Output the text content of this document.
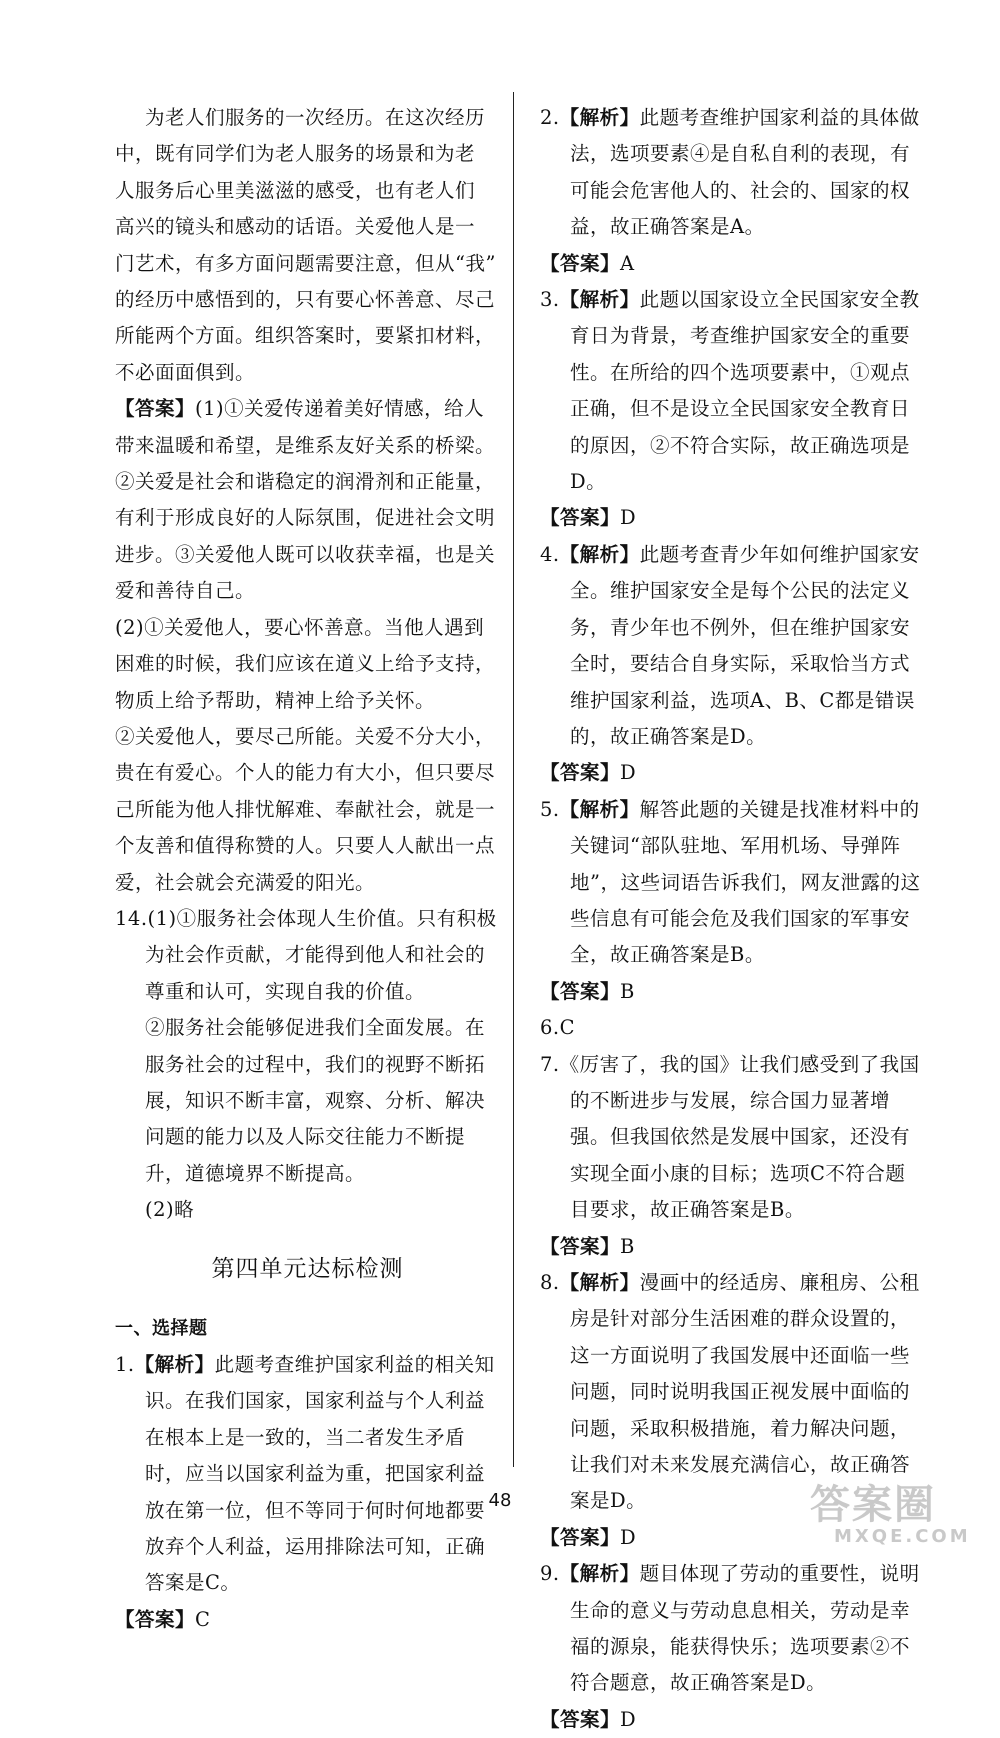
为老人们服务的一次经历。在这次经历

中，既有同学们为老人服务的场景和为老

人服务后心里美滋滋的感受，也有老人们

高兴的镜头和感动的话语。关爱他人是一

门艺术，有多方面问题需要注意，但从“我”

的经历中感悟到的，只有要心怀善意、尽己

所能两个方面。组织答案时，要紧扣材料，

不必面面俱到。

【答案】(1)①关爱传递着美好情感，给人带来温暖和希望，是维系友好关系的桥梁。

②关爱是社会和谐稳定的润滑剂和正能量，有利于形成良好的人际氛围，促进社会文明进步。③关爱他人既可以收获幸福，也是关爱和善待自己。

(2)①关爱他人，要心怀善意。当他人遇到困难的时候，我们应该在道义上给予支持，物质上给予帮助，精神上给予关怀。

②关爱他人，要尽己所能。关爱不分大小，贵在有爱心。个人的能力有大小，但只要尽己所能为他人排忧解难、奉献社会，就是一个友善和值得称赞的人。只要人人献出一点爱，社会就会充满爱的阳光。

14.(1)①服务社会体现人生价值。只有积极为社会作贡献，才能得到他人和社会的尊重和认可，实现自我的价值。

②服务社会能够促进我们全面发展。在服务社会的过程中，我们的视野不断拓展，知识不断丰富，观察、分析、解决问题的能力以及人际交往能力不断提升，道德境界不断提高。

(2)略

第四单元达标检测
一、选择题

1.【解析】此题考查维护国家利益的相关知识。在我们国家，国家利益与个人利益在根本上是一致的，当二者发生矛盾时，应当以国家利益为重，把国家利益放在第一位，但不等同于何时何地都要放弃个人利益，运用排除法可知，正确答案是C。

【答案】C

2.【解析】此题考查维护国家利益的具体做法，选项要素④是自私自利的表现，有可能会危害他人的、社会的、国家的权益，故正确答案是A。

【答案】A

3.【解析】此题以国家设立全民国家安全教育日为背景，考查维护国家安全的重要性。在所给的四个选项要素中，①观点正确，但不是设立全民国家安全教育日的原因，②不符合实际，故正确选项是D。

【答案】D

4.【解析】此题考查青少年如何维护国家安全。维护国家安全是每个公民的法定义务，青少年也不例外，但在维护国家安全时，要结合自身实际，采取恰当方式维护国家利益，选项A、B、C都是错误的，故正确答案是D。

【答案】D

5.【解析】解答此题的关键是找准材料中的关键词“部队驻地、军用机场、导弹阵地”，这些词语告诉我们，网友泄露的这些信息有可能会危及我们国家的军事安全，故正确答案是B。

【答案】B

6.C

7.《厉害了，我的国》让我们感受到了我国的不断进步与发展，综合国力显著增强。但我国依然是发展中国家，还没有实现全面小康的目标；选项C不符合题目要求，故正确答案是B。

【答案】B

8.【解析】漫画中的经适房、廉租房、公租房是针对部分生活困难的群众设置的，这一方面说明了我国发展中还面临一些问题，同时说明我国正视发展中面临的问题，采取积极措施，着力解决问题，让我们对未来发展充满信心，故正确答案是D。

【答案】D

9.【解析】题目体现了劳动的重要性，说明生命的意义与劳动息息相关，劳动是幸福的源泉，能获得快乐；选项要素②不符合题意，故正确答案是D。

【答案】D

48	答案圈
MXQE.COM
